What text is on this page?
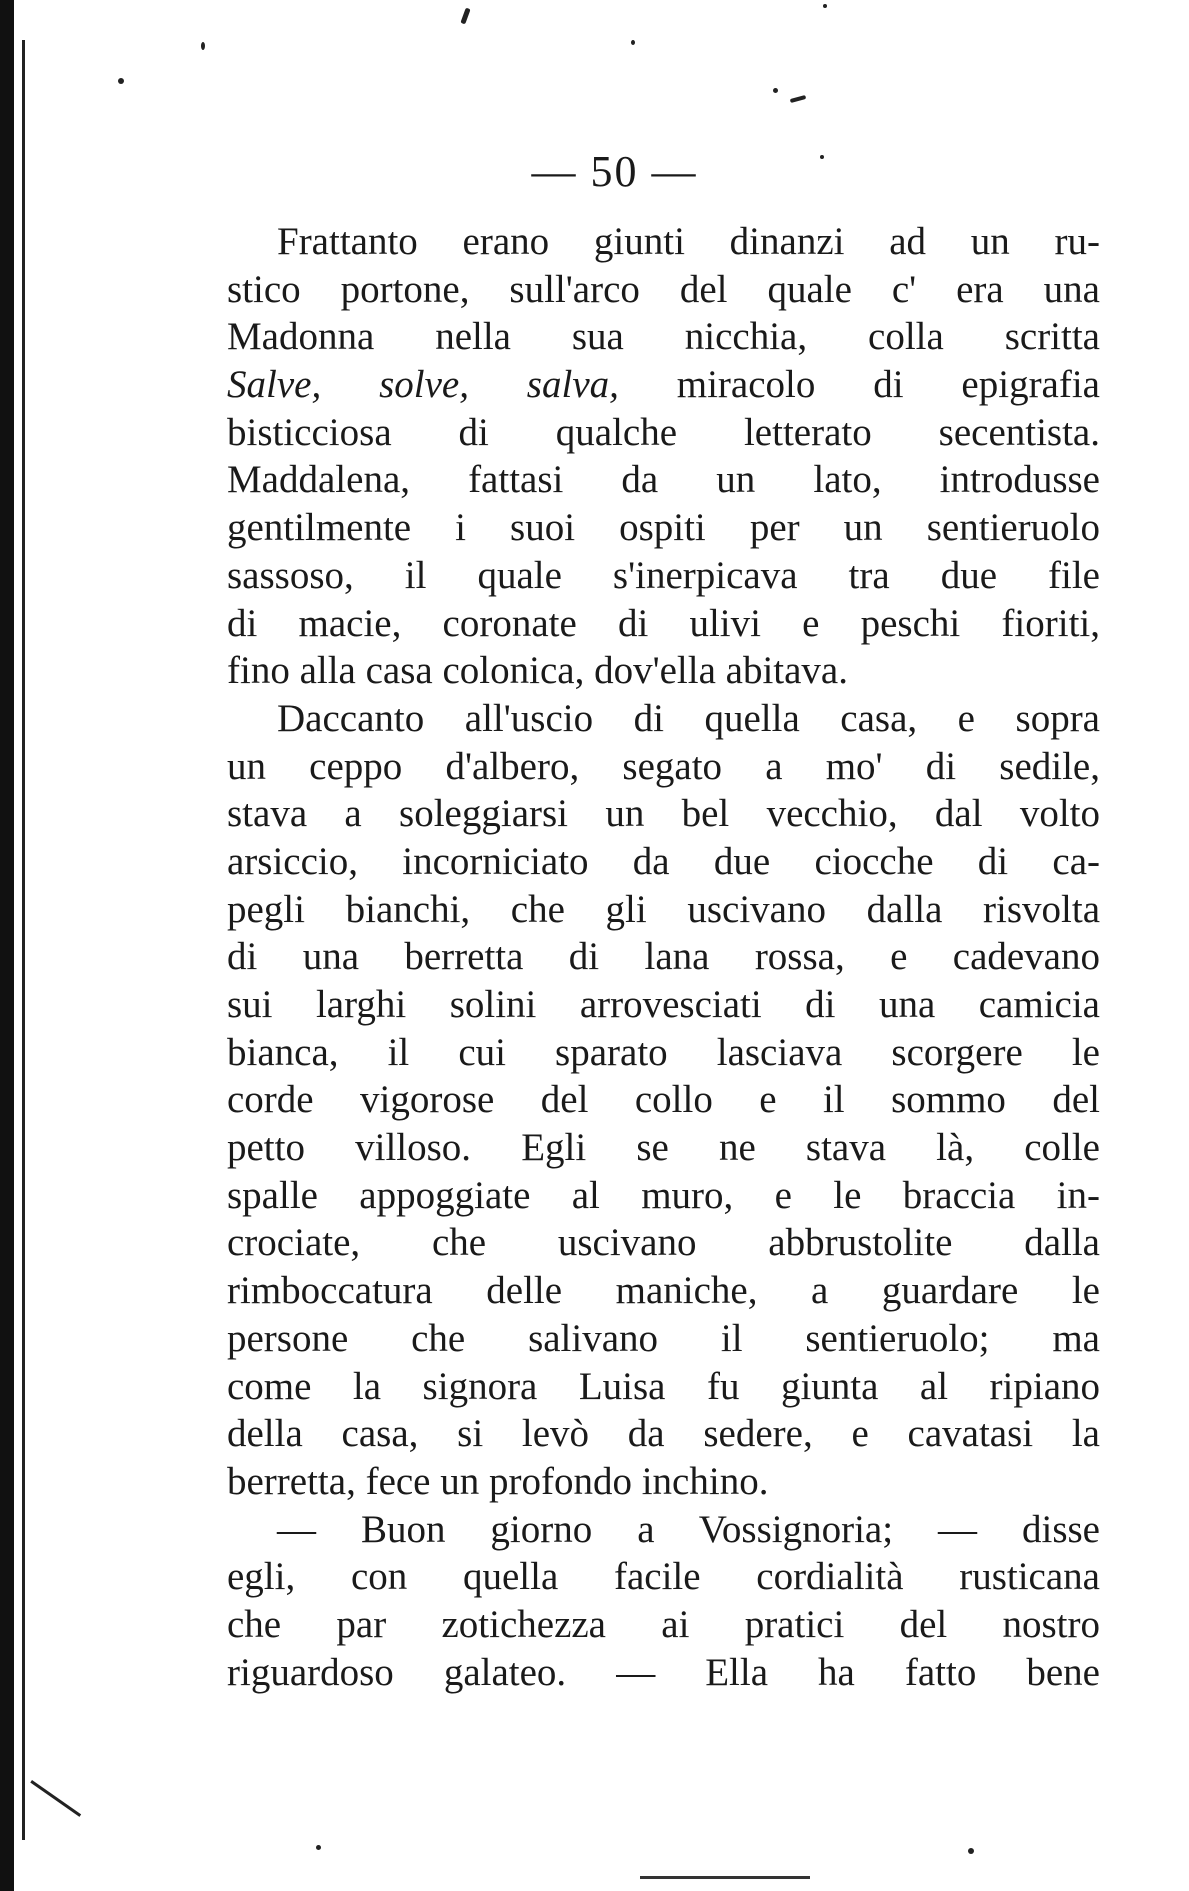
— 50 —
Frattanto erano giunti dinanzi ad un ru-
stico portone, sull'arco del quale c' era una
Madonna nella sua nicchia, colla scritta
Salve, solve, salva, miracolo di epigrafia
bisticciosa di qualche letterato secentista.
Maddalena, fattasi da un lato, introdusse
gentilmente i suoi ospiti per un sentieruolo
sassoso, il quale s'inerpicava tra due file
di macie, coronate di ulivi e peschi fioriti,
fino alla casa colonica, dov'ella abitava.
Daccanto all'uscio di quella casa, e sopra
un ceppo d'albero, segato a mo' di sedile,
stava a soleggiarsi un bel vecchio, dal volto
arsiccio, incorniciato da due ciocche di ca-
pegli bianchi, che gli uscivano dalla risvolta
di una berretta di lana rossa, e cadevano
sui larghi solini arrovesciati di una camicia
bianca, il cui sparato lasciava scorgere le
corde vigorose del collo e il sommo del
petto villoso. Egli se ne stava là, colle
spalle appoggiate al muro, e le braccia in-
crociate, che uscivano abbrustolite dalla
rimboccatura delle maniche, a guardare le
persone che salivano il sentieruolo; ma
come la signora Luisa fu giunta al ripiano
della casa, si levò da sedere, e cavatasi la
berretta, fece un profondo inchino.
— Buon giorno a Vossignoria; — disse
egli, con quella facile cordialità rusticana
che par zotichezza ai pratici del nostro
riguardoso galateo. — Ella ha fatto bene
